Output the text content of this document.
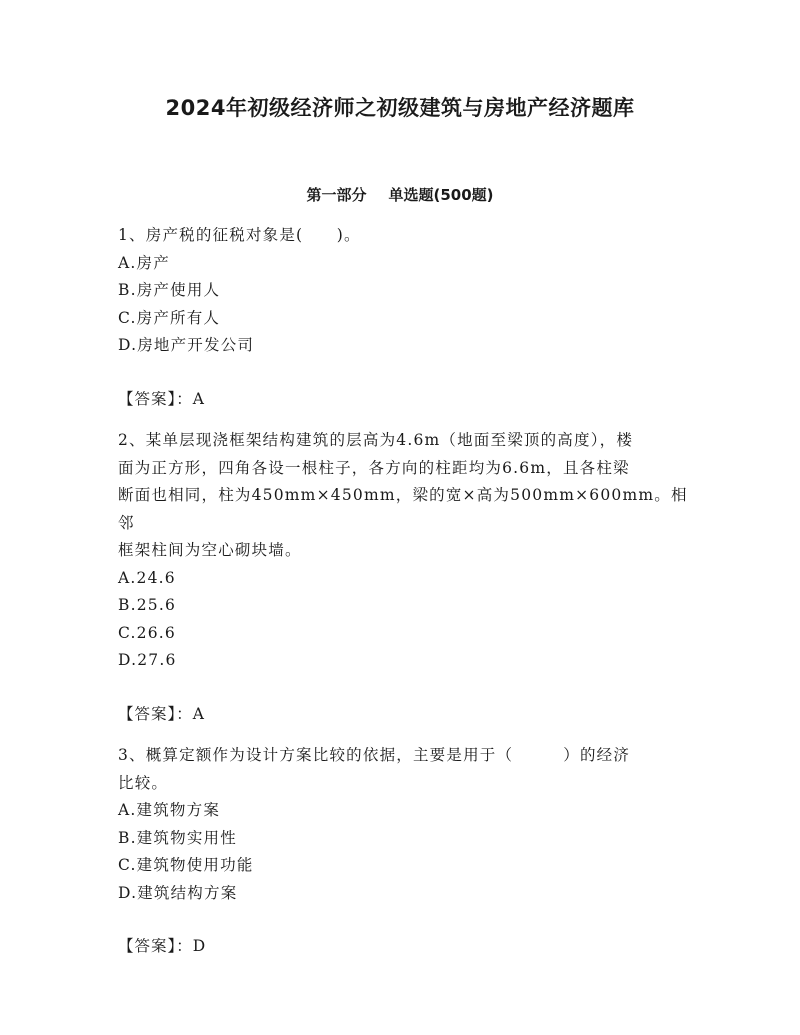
2024年初级经济师之初级建筑与房地产经济题库
第一部分 单选题(500题)
1、房产税的征税对象是(　　)。
A.房产
B.房产使用人
C.房产所有人
D.房地产开发公司
【答案】：A
2、某单层现浇框架结构建筑的层高为4.6m（地面至梁顶的高度），楼
面为正方形，四角各设一根柱子，各方向的柱距均为6.6m，且各柱梁
断面也相同，柱为450mm×450mm，梁的宽×高为500mm×600mm。相邻
框架柱间为空心砌块墙。
A.24.6
B.25.6
C.26.6
D.27.6
【答案】：A
3、概算定额作为设计方案比较的依据，主要是用于（　　　）的经济
比较。
A.建筑物方案
B.建筑物实用性
C.建筑物使用功能
D.建筑结构方案
【答案】：D
